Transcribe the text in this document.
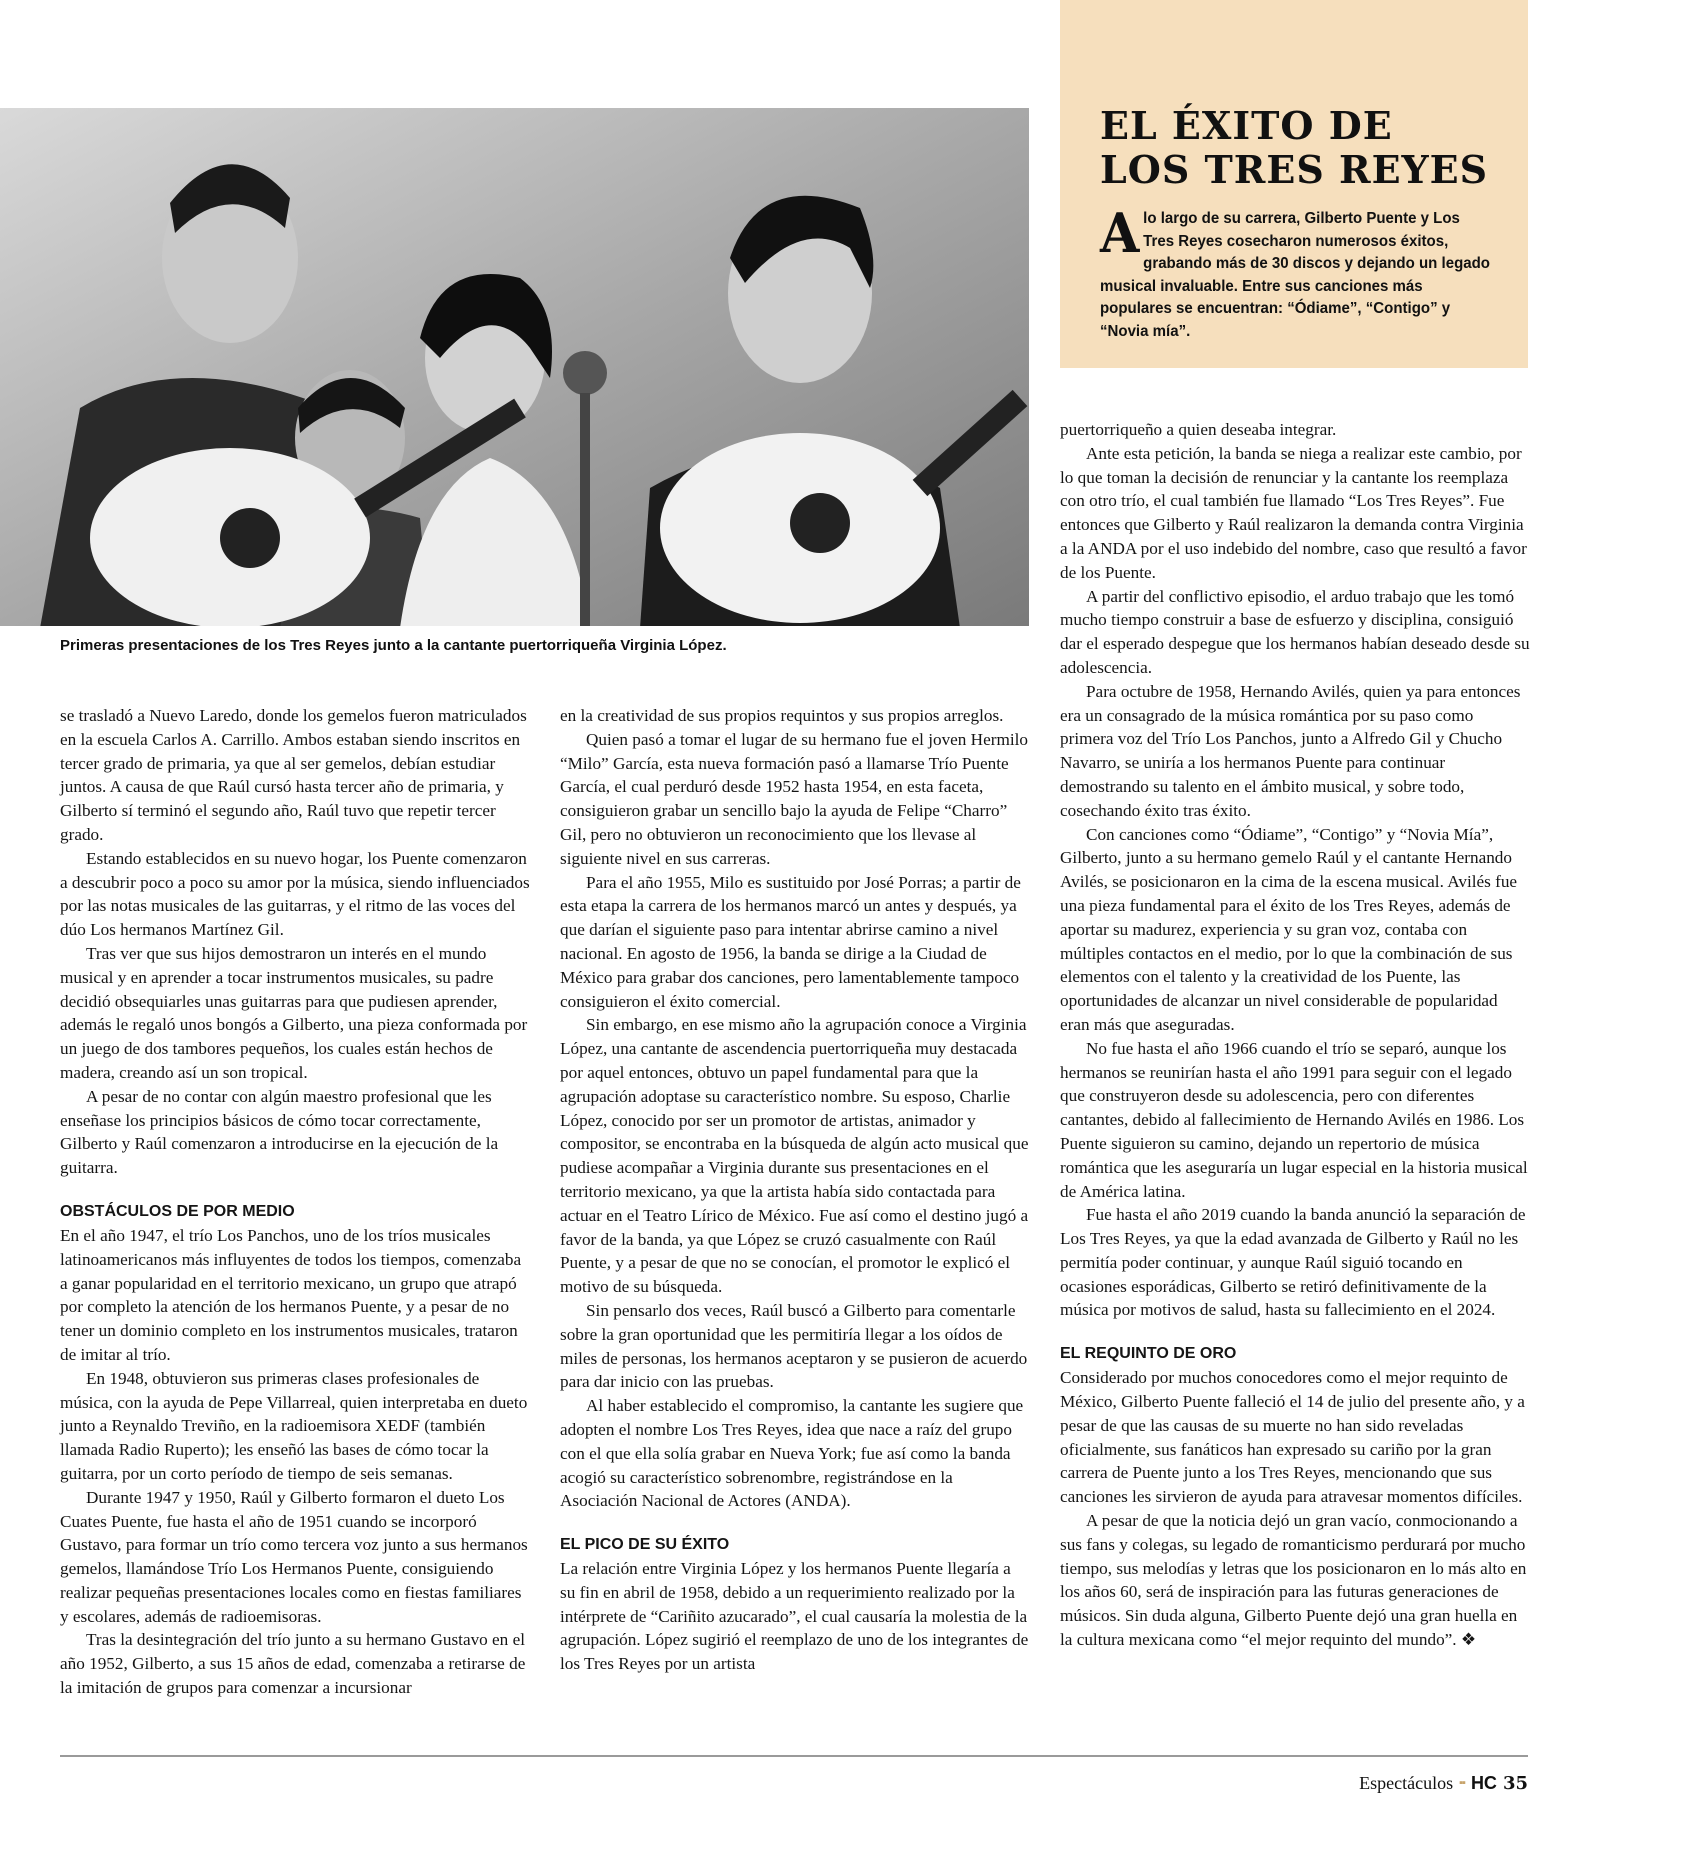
EL ÉXITO DE
LOS TRES REYES
Alo largo de su carrera, Gilberto Puente y Los Tres Reyes cosecharon numerosos éxitos, grabando más de 30 discos y dejando un legado musical invaluable. Entre sus canciones más populares se encuentran: “Ódiame”, “Contigo” y “Novia mía”.
Primeras presentaciones de los Tres Reyes junto a la cantante puertorriqueña Virginia López.

se trasladó a Nuevo Laredo, donde los gemelos fueron matriculados en la escuela Carlos A. Carrillo. Ambos estaban siendo inscritos en tercer grado de primaria, ya que al ser gemelos, debían estudiar juntos. A causa de que Raúl cursó hasta tercer año de primaria, y Gilberto sí terminó el segundo año, Raúl tuvo que repetir tercer grado.

Estando establecidos en su nuevo hogar, los Puente comenzaron a descubrir poco a poco su amor por la música, siendo influenciados por las notas musicales de las guitarras, y el ritmo de las voces del dúo Los hermanos Martínez Gil.

Tras ver que sus hijos demostraron un interés en el mundo musical y en aprender a tocar instrumentos musicales, su padre decidió obsequiarles unas guitarras para que pudiesen aprender, además le regaló unos bongós a Gilberto, una pieza conformada por un juego de dos tambores pequeños, los cuales están hechos de madera, creando así un son tropical.

A pesar de no contar con algún maestro profesional que les enseñase los principios básicos de cómo tocar correctamente, Gilberto y Raúl comenzaron a introducirse en la ejecución de la guitarra.

OBSTÁCULOS DE POR MEDIO

En el año 1947, el trío Los Panchos, uno de los tríos musicales latinoamericanos más influyentes de todos los tiempos, comenzaba a ganar popularidad en el territorio mexicano, un grupo que atrapó por completo la atención de los hermanos Puente, y a pesar de no tener un dominio completo en los instrumentos musicales, trataron de imitar al trío.

En 1948, obtuvieron sus primeras clases profesionales de música, con la ayuda de Pepe Villarreal, quien interpretaba en dueto junto a Reynaldo Treviño, en la radioemisora XEDF (también llamada Radio Ruperto); les enseñó las bases de cómo tocar la guitarra, por un corto período de tiempo de seis semanas.

Durante 1947 y 1950, Raúl y Gilberto formaron el dueto Los Cuates Puente, fue hasta el año de 1951 cuando se incorporó Gustavo, para formar un trío como tercera voz junto a sus hermanos gemelos, llamándose Trío Los Hermanos Puente, consiguiendo realizar pequeñas presentaciones locales como en fiestas familiares y escolares, además de radioemisoras.

Tras la desintegración del trío junto a su hermano Gustavo en el año 1952, Gilberto, a sus 15 años de edad, comenzaba a retirarse de la imitación de grupos para comenzar a incursionar

en la creatividad de sus propios requintos y sus propios arreglos.

Quien pasó a tomar el lugar de su hermano fue el joven Hermilo “Milo” García, esta nueva formación pasó a llamarse Trío Puente García, el cual perduró desde 1952 hasta 1954, en esta faceta, consiguieron grabar un sencillo bajo la ayuda de Felipe “Charro” Gil, pero no obtuvieron un reconocimiento que los llevase al siguiente nivel en sus carreras.

Para el año 1955, Milo es sustituido por José Porras; a partir de esta etapa la carrera de los hermanos marcó un antes y después, ya que darían el siguiente paso para intentar abrirse camino a nivel nacional. En agosto de 1956, la banda se dirige a la Ciudad de México para grabar dos canciones, pero lamentablemente tampoco consiguieron el éxito comercial.

Sin embargo, en ese mismo año la agrupación conoce a Virginia López, una cantante de ascendencia puertorriqueña muy destacada por aquel entonces, obtuvo un papel fundamental para que la agrupación adoptase su característico nombre. Su esposo, Charlie López, conocido por ser un promotor de artistas, animador y compositor, se encontraba en la búsqueda de algún acto musical que pudiese acompañar a Virginia durante sus presentaciones en el territorio mexicano, ya que la artista había sido contactada para actuar en el Teatro Lírico de México. Fue así como el destino jugó a favor de la banda, ya que López se cruzó casualmente con Raúl Puente, y a pesar de que no se conocían, el promotor le explicó el motivo de su búsqueda.

Sin pensarlo dos veces, Raúl buscó a Gilberto para comentarle sobre la gran oportunidad que les permitiría llegar a los oídos de miles de personas, los hermanos aceptaron y se pusieron de acuerdo para dar inicio con las pruebas.

Al haber establecido el compromiso, la cantante les sugiere que adopten el nombre Los Tres Reyes, idea que nace a raíz del grupo con el que ella solía grabar en Nueva York; fue así como la banda acogió su característico sobrenombre, registrándose en la Asociación Nacional de Actores (ANDA).

EL PICO DE SU ÉXITO

La relación entre Virginia López y los hermanos Puente llegaría a su fin en abril de 1958, debido a un requerimiento realizado por la intérprete de “Cariñito azucarado”, el cual causaría la molestia de la agrupación. López sugirió el reemplazo de uno de los integrantes de los Tres Reyes por un artista

puertorriqueño a quien deseaba integrar.

Ante esta petición, la banda se niega a realizar este cambio, por lo que toman la decisión de renunciar y la cantante los reemplaza con otro trío, el cual también fue llamado “Los Tres Reyes”. Fue entonces que Gilberto y Raúl realizaron la demanda contra Virginia a la ANDA por el uso indebido del nombre, caso que resultó a favor de los Puente.

A partir del conflictivo episodio, el arduo trabajo que les tomó mucho tiempo construir a base de esfuerzo y disciplina, consiguió dar el esperado despegue que los hermanos habían deseado desde su adolescencia.

Para octubre de 1958, Hernando Avilés, quien ya para entonces era un consagrado de la música romántica por su paso como primera voz del Trío Los Panchos, junto a Alfredo Gil y Chucho Navarro, se uniría a los hermanos Puente para continuar demostrando su talento en el ámbito musical, y sobre todo, cosechando éxito tras éxito.

Con canciones como “Ódiame”, “Contigo” y “Novia Mía”, Gilberto, junto a su hermano gemelo Raúl y el cantante Hernando Avilés, se posicionaron en la cima de la escena musical. Avilés fue una pieza fundamental para el éxito de los Tres Reyes, además de aportar su madurez, experiencia y su gran voz, contaba con múltiples contactos en el medio, por lo que la combinación de sus elementos con el talento y la creatividad de los Puente, las oportunidades de alcanzar un nivel considerable de popularidad eran más que aseguradas.

No fue hasta el año 1966 cuando el trío se separó, aunque los hermanos se reunirían hasta el año 1991 para seguir con el legado que construyeron desde su adolescencia, pero con diferentes cantantes, debido al fallecimiento de Hernando Avilés en 1986. Los Puente siguieron su camino, dejando un repertorio de música romántica que les aseguraría un lugar especial en la historia musical de América latina.

Fue hasta el año 2019 cuando la banda anunció la separación de Los Tres Reyes, ya que la edad avanzada de Gilberto y Raúl no les permitía poder continuar, y aunque Raúl siguió tocando en ocasiones esporádicas, Gilberto se retiró definitivamente de la música por motivos de salud, hasta su fallecimiento en el 2024.

EL REQUINTO DE ORO

Considerado por muchos conocedores como el mejor requinto de México, Gilberto Puente falleció el 14 de julio del presente año, y a pesar de que las causas de su muerte no han sido reveladas oficialmente, sus fanáticos han expresado su cariño por la gran carrera de Puente junto a los Tres Reyes, mencionando que sus canciones les sirvieron de ayuda para atravesar momentos difíciles.

A pesar de que la noticia dejó un gran vacío, conmocionando a sus fans y colegas, su legado de romanticismo perdurará por mucho tiempo, sus melodías y letras que los posicionaron en lo más alto en los años 60, será de inspiración para las futuras generaciones de músicos. Sin duda alguna, Gilberto Puente dejó una gran huella en la cultura mexicana como “el mejor requinto del mundo”. ❖

Espectáculos ▪▪ HC 35
